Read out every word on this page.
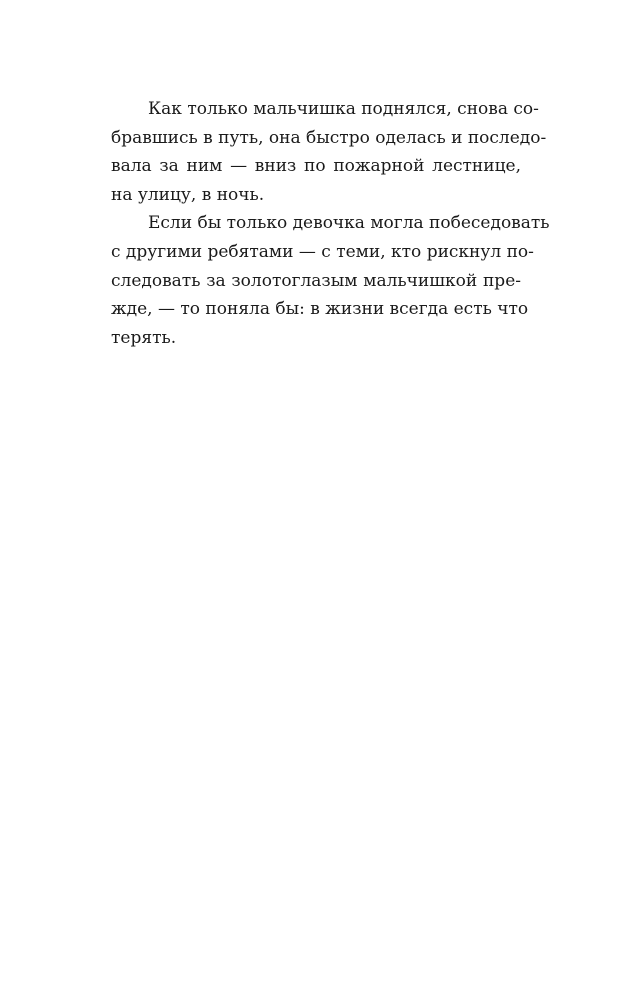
Как только мальчишка поднялся, снова со-
бравшись в путь, она быстро оделась и последо-
вала за ним — вниз по пожарной лестнице,
на улицу, в ночь.
Если бы только девочка могла побеседовать
с другими ребятами — с теми, кто рискнул по-
следовать за золотоглазым мальчишкой пре-
жде, — то поняла бы: в жизни всегда есть что
терять.
